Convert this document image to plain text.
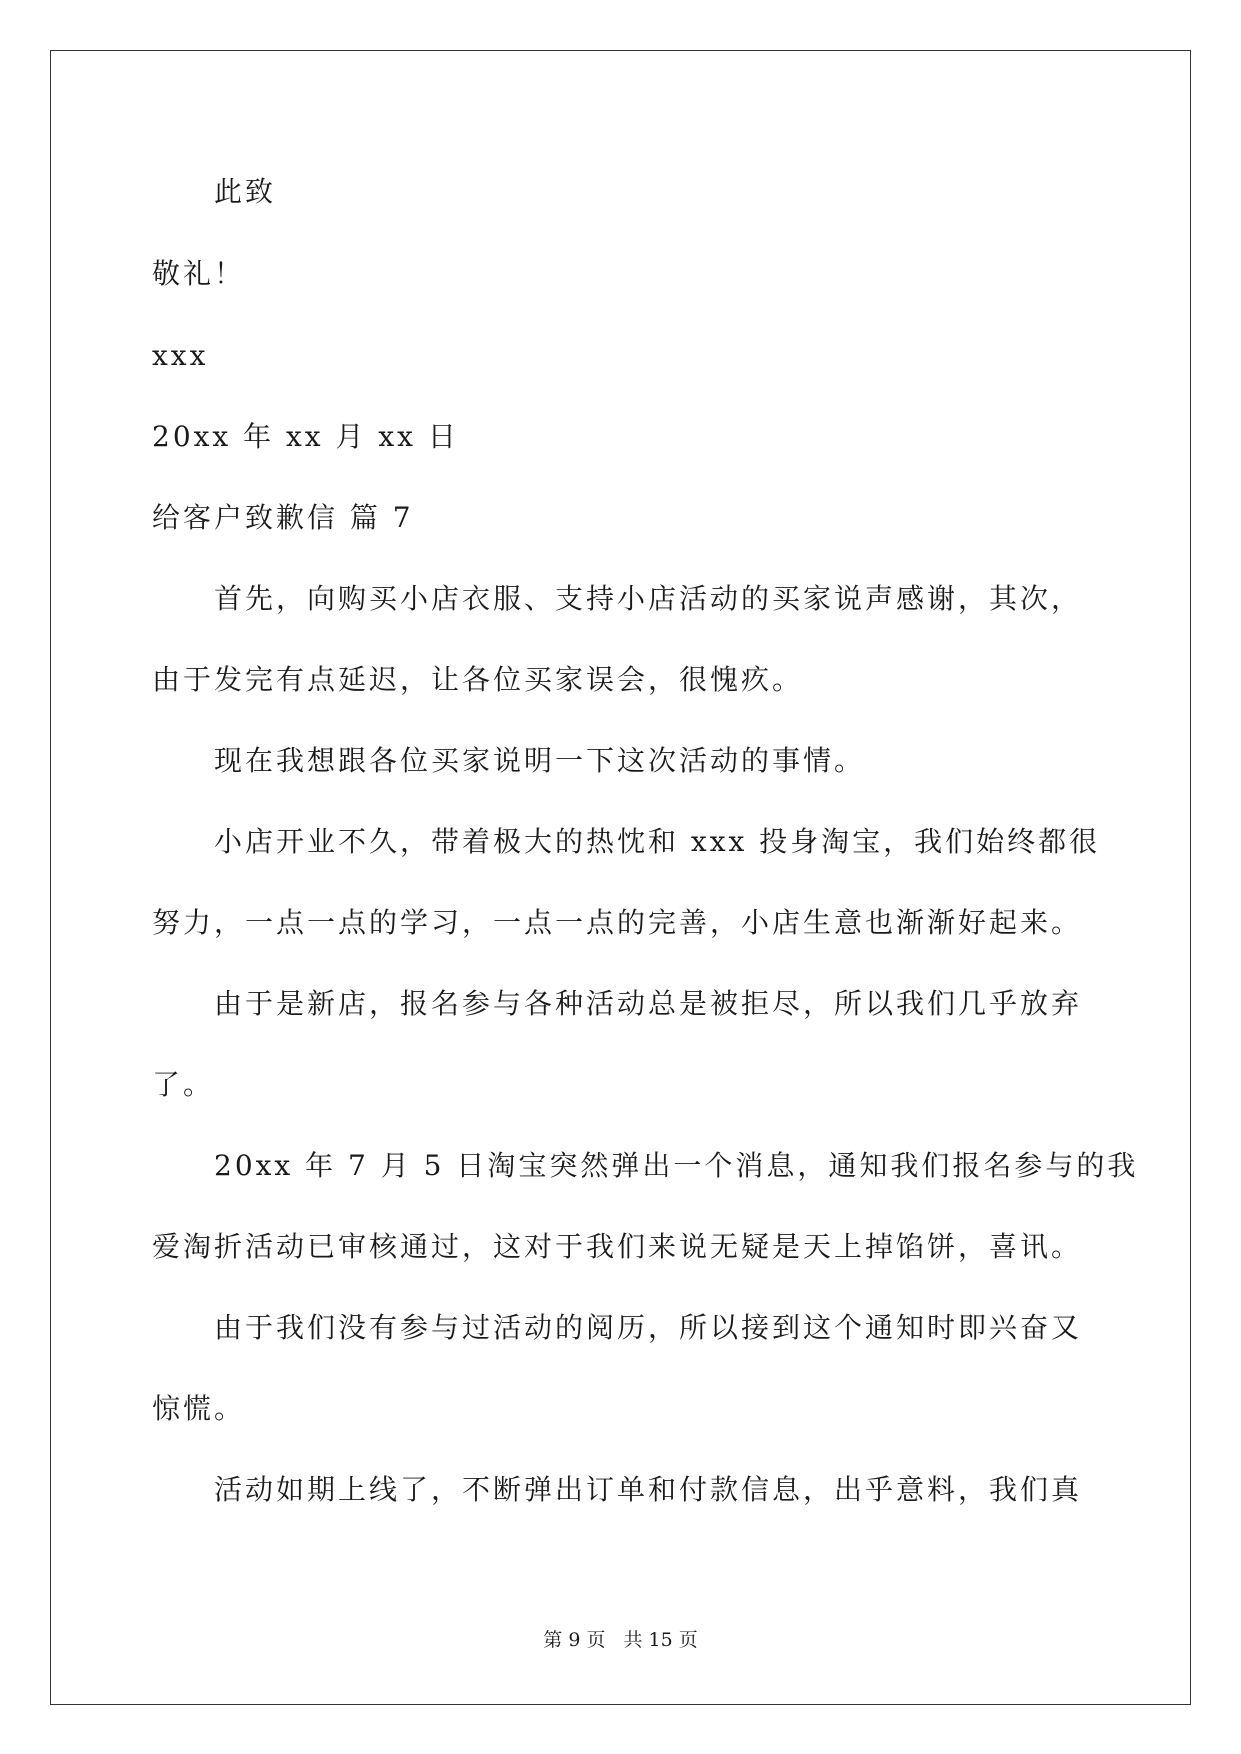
此致
敬礼！
xxx
20xx 年 xx 月 xx 日
给客户致歉信 篇 7
首先，向购买小店衣服、支持小店活动的买家说声感谢，其次，
由于发完有点延迟，让各位买家误会，很愧疚。
现在我想跟各位买家说明一下这次活动的事情。
小店开业不久，带着极大的热忱和 xxx 投身淘宝，我们始终都很
努力，一点一点的学习，一点一点的完善，小店生意也渐渐好起来。
由于是新店，报名参与各种活动总是被拒尽，所以我们几乎放弃
了。
20xx 年 7 月 5 日淘宝突然弹出一个消息，通知我们报名参与的我
爱淘折活动已审核通过，这对于我们来说无疑是天上掉馅饼，喜讯。
由于我们没有参与过活动的阅历，所以接到这个通知时即兴奋又
惊慌。
活动如期上线了，不断弹出订单和付款信息，出乎意料，我们真
第 9 页 共 15 页
